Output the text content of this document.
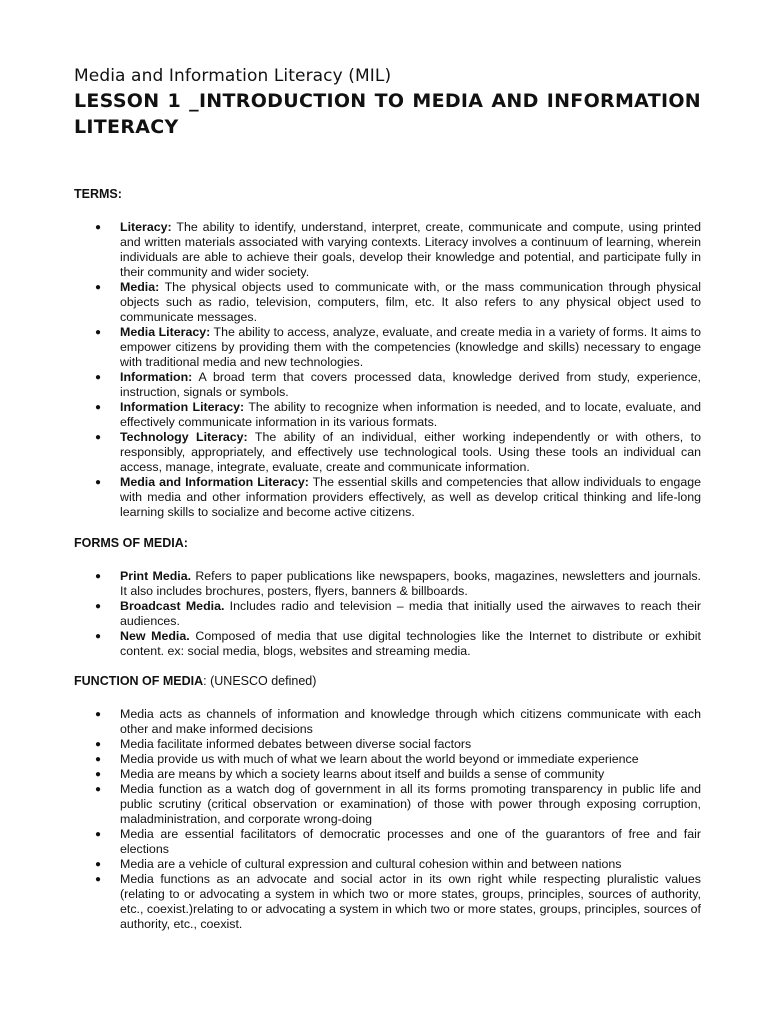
Media and Information Literacy (MIL)
LESSON 1 _INTRODUCTION TO MEDIA AND INFORMATION LITERACY

TERMS:

● Literacy: The ability to identify, understand, interpret, create, communicate and compute, using printed and written materials associated with varying contexts. Literacy involves a continuum of learning, wherein individuals are able to achieve their goals, develop their knowledge and potential, and participate fully in their community and wider society.
● Media: The physical objects used to communicate with, or the mass communication through physical objects such as radio, television, computers, film, etc. It also refers to any physical object used to communicate messages.
● Media Literacy: The ability to access, analyze, evaluate, and create media in a variety of forms. It aims to empower citizens by providing them with the competencies (knowledge and skills) necessary to engage with traditional media and new technologies.
● Information: A broad term that covers processed data, knowledge derived from study, experience, instruction, signals or symbols.
● Information Literacy: The ability to recognize when information is needed, and to locate, evaluate, and effectively communicate information in its various formats.
● Technology Literacy: The ability of an individual, either working independently or with others, to responsibly, appropriately, and effectively use technological tools. Using these tools an individual can access, manage, integrate, evaluate, create and communicate information.
● Media and Information Literacy: The essential skills and competencies that allow individuals to engage with media and other information providers effectively, as well as develop critical thinking and life-long learning skills to socialize and become active citizens.

FORMS OF MEDIA:

● Print Media. Refers to paper publications like newspapers, books, magazines, newsletters and journals. It also includes brochures, posters, flyers, banners & billboards.
● Broadcast Media. Includes radio and television – media that initially used the airwaves to reach their audiences.
● New Media. Composed of media that use digital technologies like the Internet to distribute or exhibit content. ex: social media, blogs, websites and streaming media.

FUNCTION OF MEDIA: (UNESCO defined)

● Media acts as channels of information and knowledge through which citizens communicate with each other and make informed decisions
● Media facilitate informed debates between diverse social factors
● Media provide us with much of what we learn about the world beyond or immediate experience
● Media are means by which a society learns about itself and builds a sense of community
● Media function as a watch dog of government in all its forms promoting transparency in public life and public scrutiny (critical observation or examination) of those with power through exposing corruption, maladministration, and corporate wrong-doing
● Media are essential facilitators of democratic processes and one of the guarantors of free and fair elections
● Media are a vehicle of cultural expression and cultural cohesion within and between nations
● Media functions as an advocate and social actor in its own right while respecting pluralistic values (relating to or advocating a system in which two or more states, groups, principles, sources of authority, etc., coexist.)relating to or advocating a system in which two or more states, groups, principles, sources of authority, etc., coexist.
